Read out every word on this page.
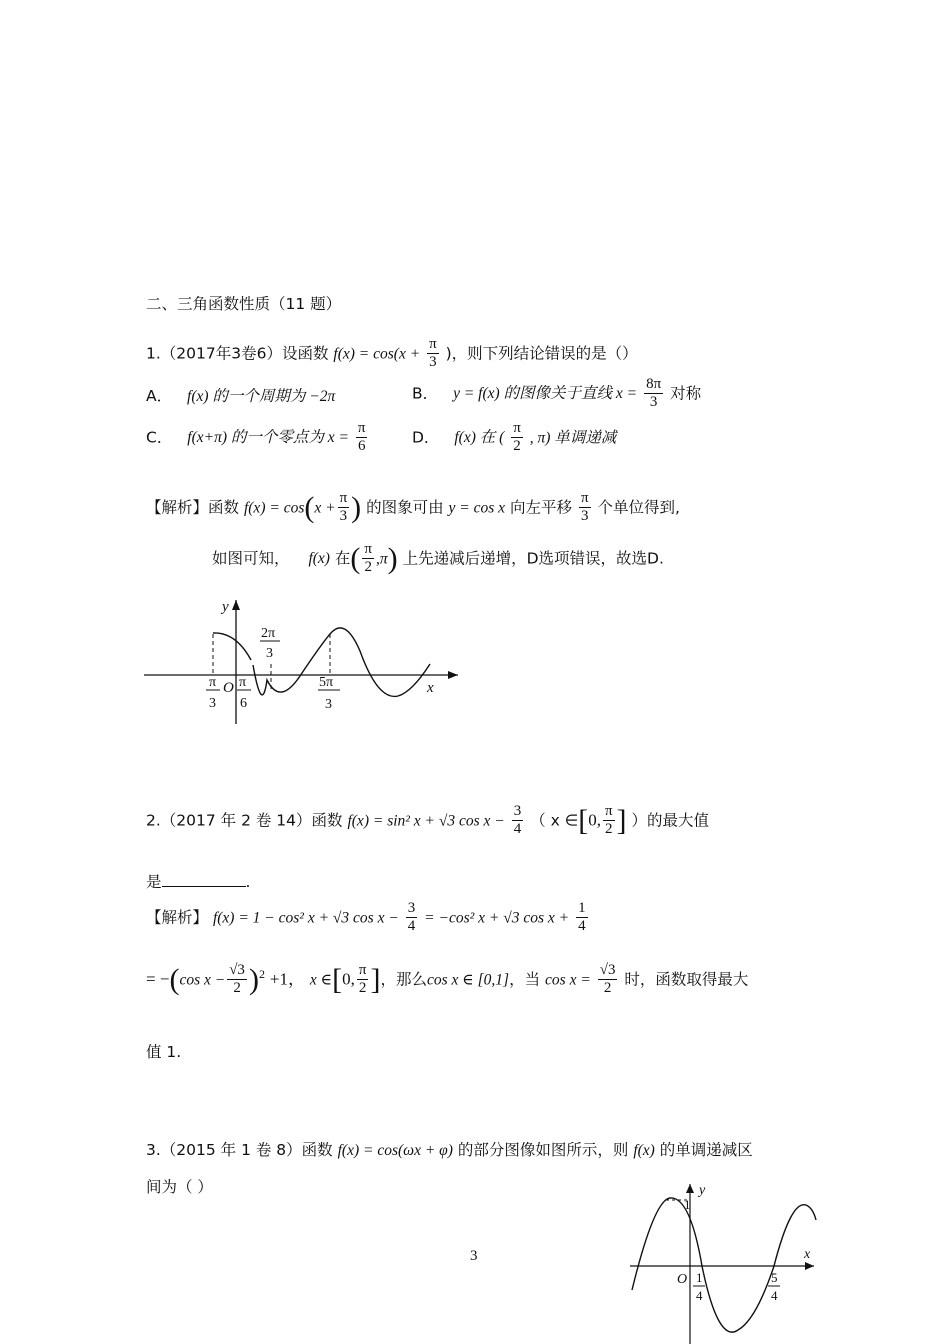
二、三角函数性质（11 题）
1.（2017年3卷6）设函数 $f(x) = \cos(x + \frac{\pi}{3}$ )，则下列结论错误的是（）
A． f(x) 的一个周期为 −2π	B． y = f(x) 的图像关于直线 $x = \frac{8\pi}{3}$ 对称
C． f(x+π) 的一个零点为 $x = \frac{\pi}{6}$	D． f(x) 在 ( $\frac{\pi}{2}$ , π) 单调递减
【解析】函数 $f(x) = \cos(x + \frac{\pi}{3}$ ) 的图象可由 y = cos x 向左平移 $\frac{\pi}{3}$ 个单位得到,
如图可知， f(x) 在( $\frac{\pi}{2} ,\pi$) 上先递减后递增，D选项错误，故选D.
y
x
O
2π
3
π
3
π
6
5π
3
2.（2017 年 2 卷 14）函数 f(x) = sin² x + √3 $\cos x - \frac{3}{4}$ （ x ∈[0, $\frac{\pi}{2}$ ] ）的最大值
是	.
【解析】 f(x) = 1 − cos² x + √3 $\cos x - \frac{3}{4} = -\cos^2$ x + √3 $\cos x + \frac{1}{4}$
= −(cos $x - \frac{√3}{2} )^2 +1$， x ∈[0, $\frac{\pi}{2}$ ]，那么cos x ∈ [0,1]，当 $\cos x = \frac{√3}{2}$ 时，函数取得最大
值 1.
3.（2015 年 1 卷 8）函数 f(x) = cos(ωx + φ) 的部分图像如图所示，则 f(x) 的单调递减区
间为（ ）
1
y
x
O 1
4
5
4
3
